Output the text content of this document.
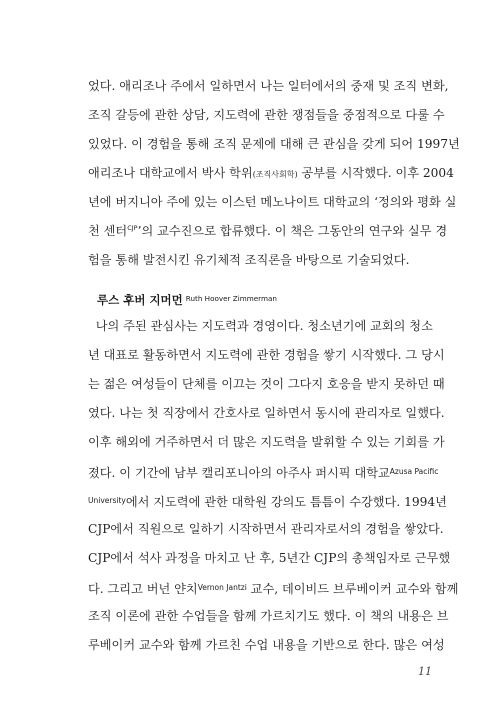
었다. 애리조나 주에서 일하면서 나는 일터에서의 중재 및 조직 변화,
조직 갈등에 관한 상담, 지도력에 관한 쟁점들을 중점적으로 다룰 수
있었다. 이 경험을 통해 조직 문제에 대해 큰 관심을 갖게 되어 1997년
애리조나 대학교에서 박사 학위(조직사회학) 공부를 시작했다. 이후 2004
년에 버지니아 주에 있는 이스턴 메노나이트 대학교의 ‘정의와 평화 실
천 센터$^{CJP}$’의 교수진으로 합류했다. 이 책은 그동안의 연구와 실무 경
험을 통해 발전시킨 유기체적 조직론을 바탕으로 기술되었다.
루스 후버 지머먼 Ruth Hoover Zimmerman
나의 주된 관심사는 지도력과 경영이다. 청소년기에 교회의 청소
년 대표로 활동하면서 지도력에 관한 경험을 쌓기 시작했다. 그 당시
는 젊은 여성들이 단체를 이끄는 것이 그다지 호응을 받지 못하던 때
였다. 나는 첫 직장에서 간호사로 일하면서 동시에 관리자로 일했다.
이후 해외에 거주하면서 더 많은 지도력을 발휘할 수 있는 기회를 가
졌다. 이 기간에 남부 캘리포니아의 아주사 퍼시픽 대학교$^{Azusa Pacific}$
$^{University}$에서 지도력에 관한 대학원 강의도 틈틈이 수강했다. 1994년
CJP에서 직원으로 일하기 시작하면서 관리자로서의 경험을 쌓았다.
CJP에서 석사 과정을 마치고 난 후, 5년간 CJP의 총책임자로 근무했
다. 그리고 버넌 얀치$^{Vernon Jantzi}$ 교수, 데이비드 브루베이커 교수와 함께
조직 이론에 관한 수업들을 함께 가르치기도 했다. 이 책의 내용은 브
루베이커 교수와 함께 가르친 수업 내용을 기반으로 한다. 많은 여성
11
